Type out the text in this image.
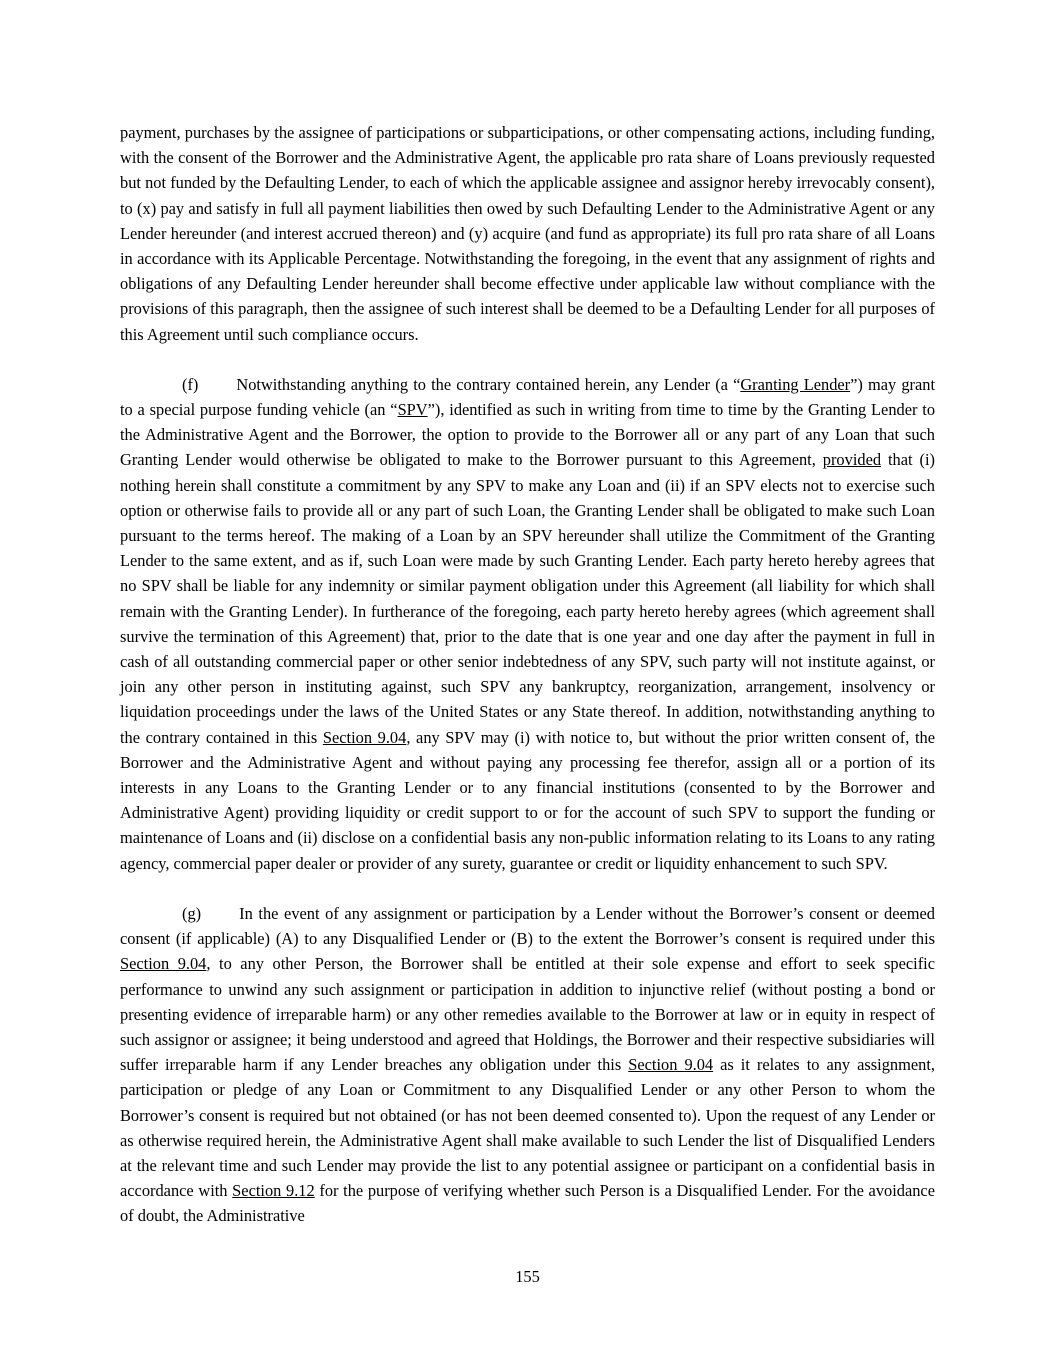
payment, purchases by the assignee of participations or subparticipations, or other compensating actions, including funding, with the consent of the Borrower and the Administrative Agent, the applicable pro rata share of Loans previously requested but not funded by the Defaulting Lender, to each of which the applicable assignee and assignor hereby irrevocably consent), to (x) pay and satisfy in full all payment liabilities then owed by such Defaulting Lender to the Administrative Agent or any Lender hereunder (and interest accrued thereon) and (y) acquire (and fund as appropriate) its full pro rata share of all Loans in accordance with its Applicable Percentage. Notwithstanding the foregoing, in the event that any assignment of rights and obligations of any Defaulting Lender hereunder shall become effective under applicable law without compliance with the provisions of this paragraph, then the assignee of such interest shall be deemed to be a Defaulting Lender for all purposes of this Agreement until such compliance occurs.

(f) Notwithstanding anything to the contrary contained herein, any Lender (a “Granting Lender”) may grant to a special purpose funding vehicle (an “SPV”), identified as such in writing from time to time by the Granting Lender to the Administrative Agent and the Borrower, the option to provide to the Borrower all or any part of any Loan that such Granting Lender would otherwise be obligated to make to the Borrower pursuant to this Agreement, provided that (i) nothing herein shall constitute a commitment by any SPV to make any Loan and (ii) if an SPV elects not to exercise such option or otherwise fails to provide all or any part of such Loan, the Granting Lender shall be obligated to make such Loan pursuant to the terms hereof. The making of a Loan by an SPV hereunder shall utilize the Commitment of the Granting Lender to the same extent, and as if, such Loan were made by such Granting Lender. Each party hereto hereby agrees that no SPV shall be liable for any indemnity or similar payment obligation under this Agreement (all liability for which shall remain with the Granting Lender). In furtherance of the foregoing, each party hereto hereby agrees (which agreement shall survive the termination of this Agreement) that, prior to the date that is one year and one day after the payment in full in cash of all outstanding commercial paper or other senior indebtedness of any SPV, such party will not institute against, or join any other person in instituting against, such SPV any bankruptcy, reorganization, arrangement, insolvency or liquidation proceedings under the laws of the United States or any State thereof. In addition, notwithstanding anything to the contrary contained in this Section 9.04, any SPV may (i) with notice to, but without the prior written consent of, the Borrower and the Administrative Agent and without paying any processing fee therefor, assign all or a portion of its interests in any Loans to the Granting Lender or to any financial institutions (consented to by the Borrower and Administrative Agent) providing liquidity or credit support to or for the account of such SPV to support the funding or maintenance of Loans and (ii) disclose on a confidential basis any non-public information relating to its Loans to any rating agency, commercial paper dealer or provider of any surety, guarantee or credit or liquidity enhancement to such SPV.

(g) In the event of any assignment or participation by a Lender without the Borrower’s consent or deemed consent (if applicable) (A) to any Disqualified Lender or (B) to the extent the Borrower’s consent is required under this Section 9.04, to any other Person, the Borrower shall be entitled at their sole expense and effort to seek specific performance to unwind any such assignment or participation in addition to injunctive relief (without posting a bond or presenting evidence of irreparable harm) or any other remedies available to the Borrower at law or in equity in respect of such assignor or assignee; it being understood and agreed that Holdings, the Borrower and their respective subsidiaries will suffer irreparable harm if any Lender breaches any obligation under this Section 9.04 as it relates to any assignment, participation or pledge of any Loan or Commitment to any Disqualified Lender or any other Person to whom the Borrower’s consent is required but not obtained (or has not been deemed consented to). Upon the request of any Lender or as otherwise required herein, the Administrative Agent shall make available to such Lender the list of Disqualified Lenders at the relevant time and such Lender may provide the list to any potential assignee or participant on a confidential basis in accordance with Section 9.12 for the purpose of verifying whether such Person is a Disqualified Lender. For the avoidance of doubt, the Administrative

155
